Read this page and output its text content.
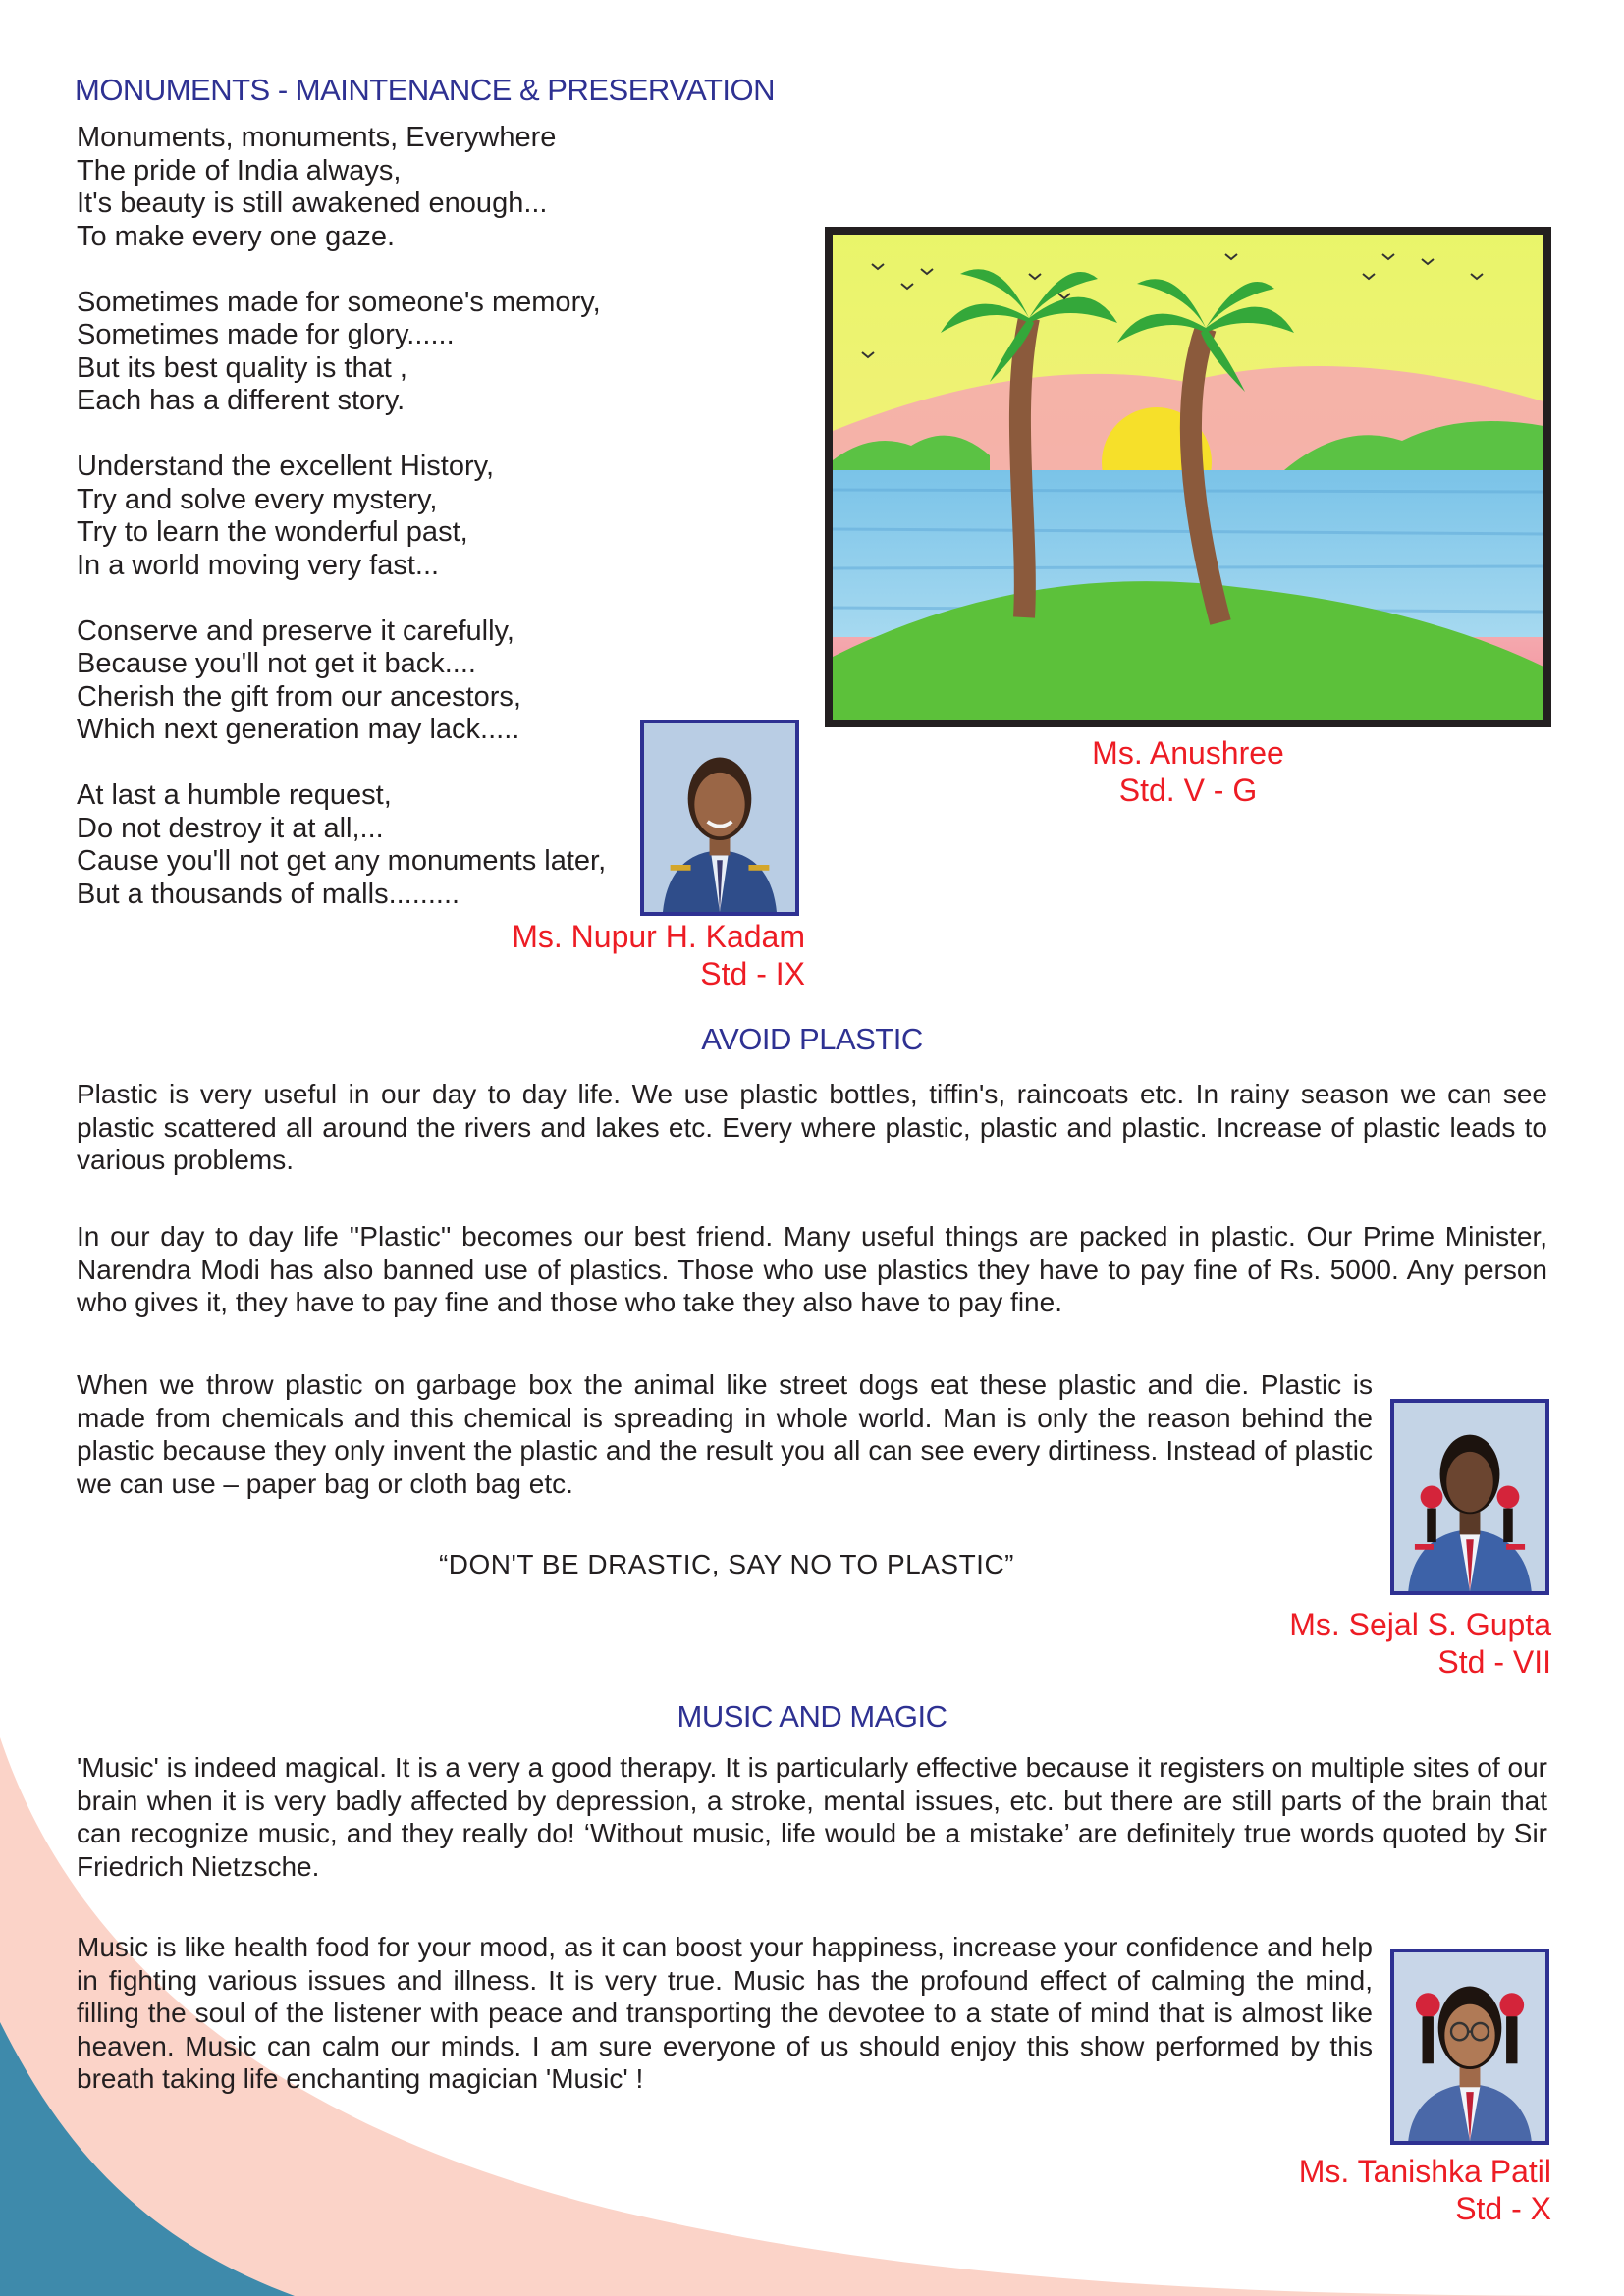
MONUMENTS - MAINTENANCE & PRESERVATION

Monuments, monuments, Everywhere
The pride of India always,
It's beauty is still awakened enough...
To make every one gaze.

Sometimes made for someone's memory,
Sometimes made for glory......
But its best quality is that ,
Each has a different story.

Understand the excellent History,
Try and solve every mystery,
Try to learn the wonderful past,
In a world moving very fast...

Conserve and preserve it carefully,
Because you'll not get it back....
Cherish the gift from our ancestors,
Which next generation may lack.....

At last a humble request,
Do not destroy it at all,...
Cause you'll not get any monuments later,
But a thousands of malls.........

Ms. Nupur H. Kadam
Std - IX
Ms. Anushree
Std. V - G
AVOID PLASTIC

Plastic is very useful in our day to day life. We use plastic bottles, tiffin's, raincoats etc. In rainy season we can see plastic scattered all around the rivers and lakes etc. Every where plastic, plastic and plastic. Increase of plastic leads to various problems.

In our day to day life ''Plastic'' becomes our best friend. Many useful things are packed in plastic. Our Prime Minister, Narendra Modi has also banned use of plastics. Those who use plastics they have to pay fine of Rs. 5000. Any person who gives it, they have to pay fine and those who take they also have to pay fine.

When we throw plastic on garbage box the animal like street dogs eat these plastic and die. Plastic is made from chemicals and this chemical is spreading in whole world. Man is only the reason behind the plastic because they only invent the plastic and the result you all can see every dirtiness. Instead of plastic we can use – paper bag or cloth bag etc.

“DON'T BE DRASTIC, SAY NO TO PLASTIC”
Ms. Sejal S. Gupta
Std - VII
MUSIC AND MAGIC

'Music' is indeed magical. It is a very a good therapy. It is particularly effective because it registers on multiple sites of our brain when it is very badly affected by depression, a stroke, mental issues, etc. but there are still parts of the brain that can recognize music, and they really do! ‘Without music, life would be a mistake’ are definitely true words quoted by Sir Friedrich Nietzsche.

Music is like health food for your mood, as it can boost your happiness, increase your confidence and help in fighting various issues and illness. It is very true. Music has the profound effect of calming the mind, filling the soul of the listener with peace and transporting the devotee to a state of mind that is almost like heaven. Music can calm our minds. I am sure everyone of us should enjoy this show performed by this breath taking life enchanting magician 'Music' !

Ms. Tanishka Patil
Std - X
